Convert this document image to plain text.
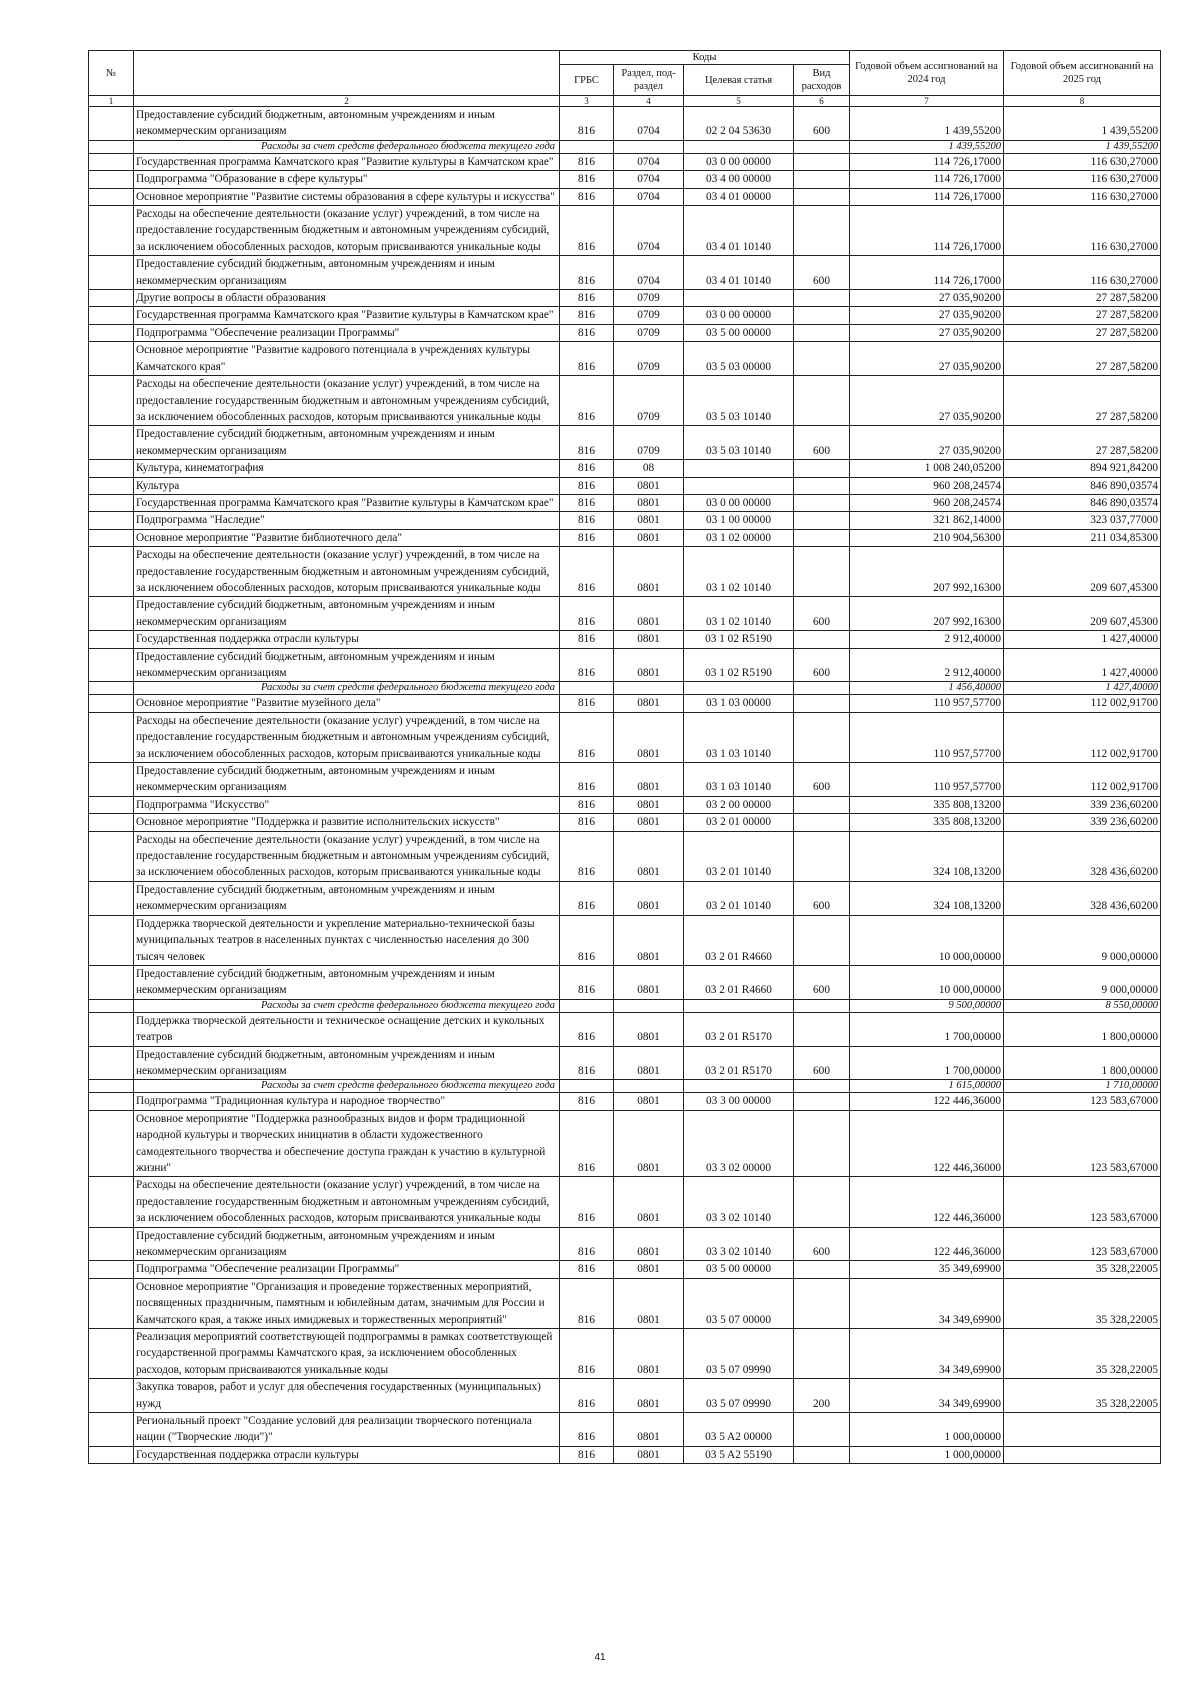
№		Коды				Годовой объем ассигнований на 2024 год	Годовой объем ассигнований на 2025 год
		ГРБС	Раздел, под-раздел	Целевая статья	Вид расходов		
1	2	3	4	5	6	7	8
	Предоставление субсидий бюджетным, автономным учреждениям и иным некоммерческим организациям	816	0704	02 2 04 53630	600	1 439,55200	1 439,55200
	Расходы за счет средств федерального бюджета текущего года					1 439,55200	1 439,55200
	Государственная программа Камчатского края "Развитие культуры в Камчатском крае"	816	0704	03 0 00 00000		114 726,17000	116 630,27000
	Подпрограмма "Образование в сфере культуры"	816	0704	03 4 00 00000		114 726,17000	116 630,27000
	Основное мероприятие "Развитие системы образования в сфере культуры и искусства"	816	0704	03 4 01 00000		114 726,17000	116 630,27000
	Расходы на обеспечение деятельности (оказание услуг) учреждений, в том числе на предоставление государственным бюджетным и автономным учреждениям субсидий, за исключением обособленных расходов, которым присваиваются уникальные коды	816	0704	03 4 01 10140		114 726,17000	116 630,27000
	Предоставление субсидий бюджетным, автономным учреждениям и иным некоммерческим организациям	816	0704	03 4 01 10140	600	114 726,17000	116 630,27000
	Другие вопросы в области образования	816	0709			27 035,90200	27 287,58200
	Государственная программа Камчатского края "Развитие культуры в Камчатском крае"	816	0709	03 0 00 00000		27 035,90200	27 287,58200
	Подпрограмма "Обеспечение реализации Программы"	816	0709	03 5 00 00000		27 035,90200	27 287,58200
	Основное мероприятие "Развитие кадрового потенциала в учреждениях культуры Камчатского края"	816	0709	03 5 03 00000		27 035,90200	27 287,58200
	Расходы на обеспечение деятельности (оказание услуг) учреждений, в том числе на предоставление государственным бюджетным и автономным учреждениям субсидий, за исключением обособленных расходов, которым присваиваются уникальные коды	816	0709	03 5 03 10140		27 035,90200	27 287,58200
	Предоставление субсидий бюджетным, автономным учреждениям и иным некоммерческим организациям	816	0709	03 5 03 10140	600	27 035,90200	27 287,58200
	Культура, кинематография	816	08			1 008 240,05200	894 921,84200
	Культура	816	0801			960 208,24574	846 890,03574
	Государственная программа Камчатского края "Развитие культуры в Камчатском крае"	816	0801	03 0 00 00000		960 208,24574	846 890,03574
	Подпрограмма "Наследие"	816	0801	03 1 00 00000		321 862,14000	323 037,77000
	Основное мероприятие "Развитие библиотечного дела"	816	0801	03 1 02 00000		210 904,56300	211 034,85300
	Расходы на обеспечение деятельности (оказание услуг) учреждений, в том числе на предоставление государственным бюджетным и автономным учреждениям субсидий, за исключением обособленных расходов, которым присваиваются уникальные коды	816	0801	03 1 02 10140		207 992,16300	209 607,45300
	Предоставление субсидий бюджетным, автономным учреждениям и иным некоммерческим организациям	816	0801	03 1 02 10140	600	207 992,16300	209 607,45300
	Государственная поддержка отрасли культуры	816	0801	03 1 02 R5190		2 912,40000	1 427,40000
	Предоставление субсидий бюджетным, автономным учреждениям и иным некоммерческим организациям	816	0801	03 1 02 R5190	600	2 912,40000	1 427,40000
	Расходы за счет средств федерального бюджета текущего года					1 456,40000	1 427,40000
	Основное мероприятие "Развитие музейного дела"	816	0801	03 1 03 00000		110 957,57700	112 002,91700
	Расходы на обеспечение деятельности (оказание услуг) учреждений, в том числе на предоставление государственным бюджетным и автономным учреждениям субсидий, за исключением обособленных расходов, которым присваиваются уникальные коды	816	0801	03 1 03 10140		110 957,57700	112 002,91700
	Предоставление субсидий бюджетным, автономным учреждениям и иным некоммерческим организациям	816	0801	03 1 03 10140	600	110 957,57700	112 002,91700
	Подпрограмма "Искусство"	816	0801	03 2 00 00000		335 808,13200	339 236,60200
	Основное мероприятие "Поддержка и развитие исполнительских искусств"	816	0801	03 2 01 00000		335 808,13200	339 236,60200
	Расходы на обеспечение деятельности (оказание услуг) учреждений, в том числе на предоставление государственным бюджетным и автономным учреждениям субсидий, за исключением обособленных расходов, которым присваиваются уникальные коды	816	0801	03 2 01 10140		324 108,13200	328 436,60200
	Предоставление субсидий бюджетным, автономным учреждениям и иным некоммерческим организациям	816	0801	03 2 01 10140	600	324 108,13200	328 436,60200
	Поддержка творческой деятельности и укрепление материально-технической базы муниципальных театров в населенных пунктах с численностью населения до 300 тысяч человек	816	0801	03 2 01 R4660		10 000,00000	9 000,00000
	Предоставление субсидий бюджетным, автономным учреждениям и иным некоммерческим организациям	816	0801	03 2 01 R4660	600	10 000,00000	9 000,00000
	Расходы за счет средств федерального бюджета текущего года					9 500,00000	8 550,00000
	Поддержка творческой деятельности и техническое оснащение детских и кукольных театров	816	0801	03 2 01 R5170		1 700,00000	1 800,00000
	Предоставление субсидий бюджетным, автономным учреждениям и иным некоммерческим организациям	816	0801	03 2 01 R5170	600	1 700,00000	1 800,00000
	Расходы за счет средств федерального бюджета текущего года					1 615,00000	1 710,00000
	Подпрограмма "Традиционная культура и народное творчество"	816	0801	03 3 00 00000		122 446,36000	123 583,67000
	Основное мероприятие "Поддержка разнообразных видов и форм традиционной народной культуры и творческих инициатив в области художественного самодеятельного творчества и обеспечение доступа граждан к участию в культурной жизни"	816	0801	03 3 02 00000		122 446,36000	123 583,67000
	Расходы на обеспечение деятельности (оказание услуг) учреждений, в том числе на предоставление государственным бюджетным и автономным учреждениям субсидий, за исключением обособленных расходов, которым присваиваются уникальные коды	816	0801	03 3 02 10140		122 446,36000	123 583,67000
	Предоставление субсидий бюджетным, автономным учреждениям и иным некоммерческим организациям	816	0801	03 3 02 10140	600	122 446,36000	123 583,67000
	Подпрограмма "Обеспечение реализации Программы"	816	0801	03 5 00 00000		35 349,69900	35 328,22005
	Основное мероприятие "Организация и проведение торжественных мероприятий, посвященных праздничным, памятным и юбилейным датам, значимым для России и Камчатского края, а также иных имиджевых и торжественных мероприятий"	816	0801	03 5 07 00000		34 349,69900	35 328,22005
	Реализация мероприятий соответствующей подпрограммы в рамках соответствующей государственной программы Камчатского края, за исключением обособленных расходов, которым присваиваются уникальные коды	816	0801	03 5 07 09990		34 349,69900	35 328,22005
	Закупка товаров, работ и услуг для обеспечения государственных (муниципальных) нужд	816	0801	03 5 07 09990	200	34 349,69900	35 328,22005
	Региональный проект "Создание условий для реализации творческого потенциала нации ("Творческие люди")"	816	0801	03 5 A2 00000		1 000,00000	
	Государственная поддержка отрасли культуры	816	0801	03 5 A2 55190		1 000,00000	
41
